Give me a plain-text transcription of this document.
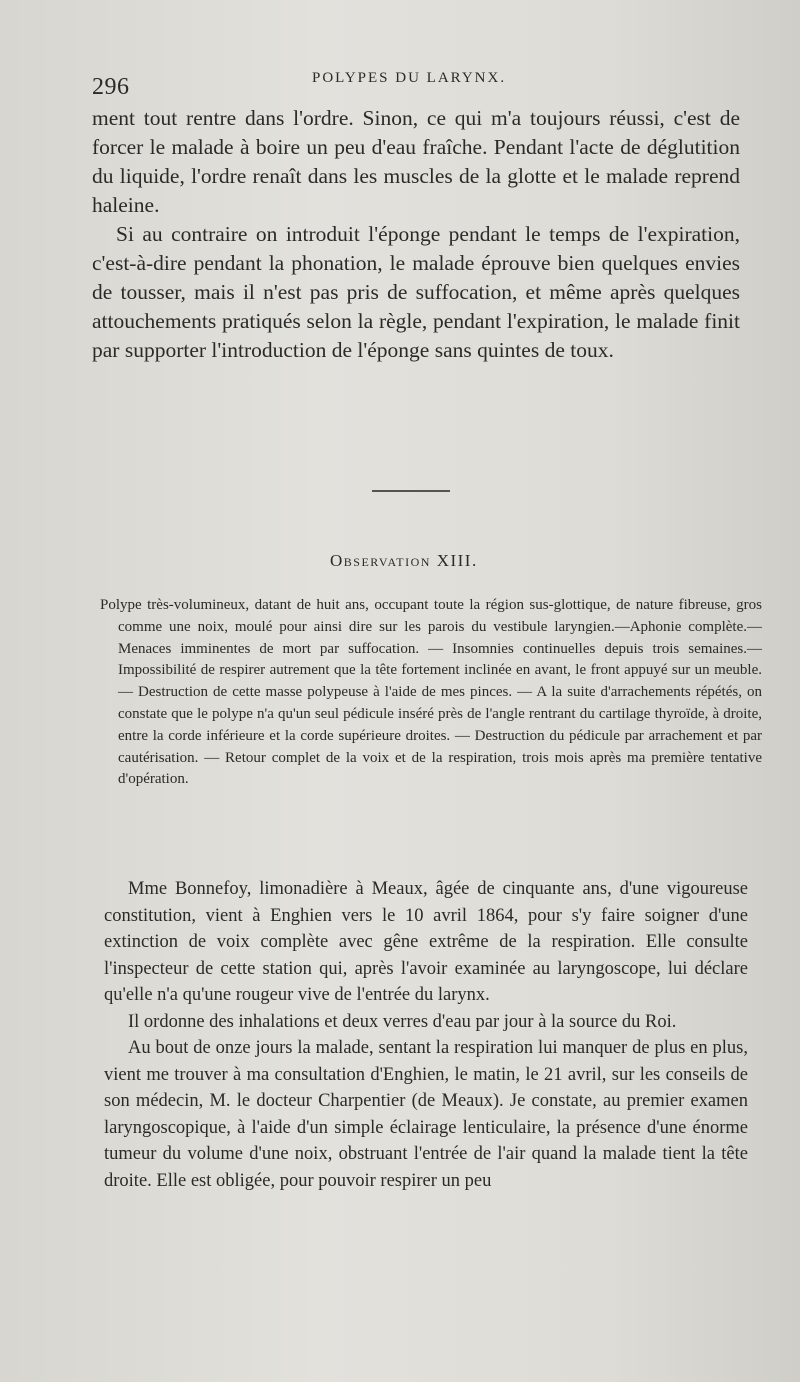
296	POLYPES DU LARYNX.

ment tout rentre dans l'ordre. Sinon, ce qui m'a toujours réussi, c'est de forcer le malade à boire un peu d'eau fraîche. Pendant l'acte de déglutition du liquide, l'ordre renaît dans les muscles de la glotte et le malade reprend haleine.

Si au contraire on introduit l'éponge pendant le temps de l'expiration, c'est-à-dire pendant la phonation, le malade éprouve bien quelques envies de tousser, mais il n'est pas pris de suffocation, et même après quelques attouchements pratiqués selon la règle, pendant l'expiration, le malade finit par supporter l'introduction de l'éponge sans quintes de toux.

Observation XIII.
Polype très-volumineux, datant de huit ans, occupant toute la région sus-glottique, de nature fibreuse, gros comme une noix, moulé pour ainsi dire sur les parois du vestibule laryngien.—Aphonie complète.—Menaces imminentes de mort par suffocation. — Insomnies continuelles depuis trois semaines.—Impossibilité de respirer autrement que la tête fortement inclinée en avant, le front appuyé sur un meuble. — Destruction de cette masse polypeuse à l'aide de mes pinces. — A la suite d'arrachements répétés, on constate que le polype n'a qu'un seul pédicule inséré près de l'angle rentrant du cartilage thyroïde, à droite, entre la corde inférieure et la corde supérieure droites. — Destruction du pédicule par arrachement et par cautérisation. — Retour complet de la voix et de la respiration, trois mois après ma première tentative d'opération.

Mme Bonnefoy, limonadière à Meaux, âgée de cinquante ans, d'une vigoureuse constitution, vient à Enghien vers le 10 avril 1864, pour s'y faire soigner d'une extinction de voix complète avec gêne extrême de la respiration. Elle consulte l'inspecteur de cette station qui, après l'avoir examinée au laryngoscope, lui déclare qu'elle n'a qu'une rougeur vive de l'entrée du larynx.

Il ordonne des inhalations et deux verres d'eau par jour à la source du Roi.

Au bout de onze jours la malade, sentant la respiration lui manquer de plus en plus, vient me trouver à ma consultation d'Enghien, le matin, le 21 avril, sur les conseils de son médecin, M. le docteur Charpentier (de Meaux). Je constate, au premier examen laryngoscopique, à l'aide d'un simple éclairage lenticulaire, la présence d'une énorme tumeur du volume d'une noix, obstruant l'entrée de l'air quand la malade tient la tête droite. Elle est obligée, pour pouvoir respirer un peu
